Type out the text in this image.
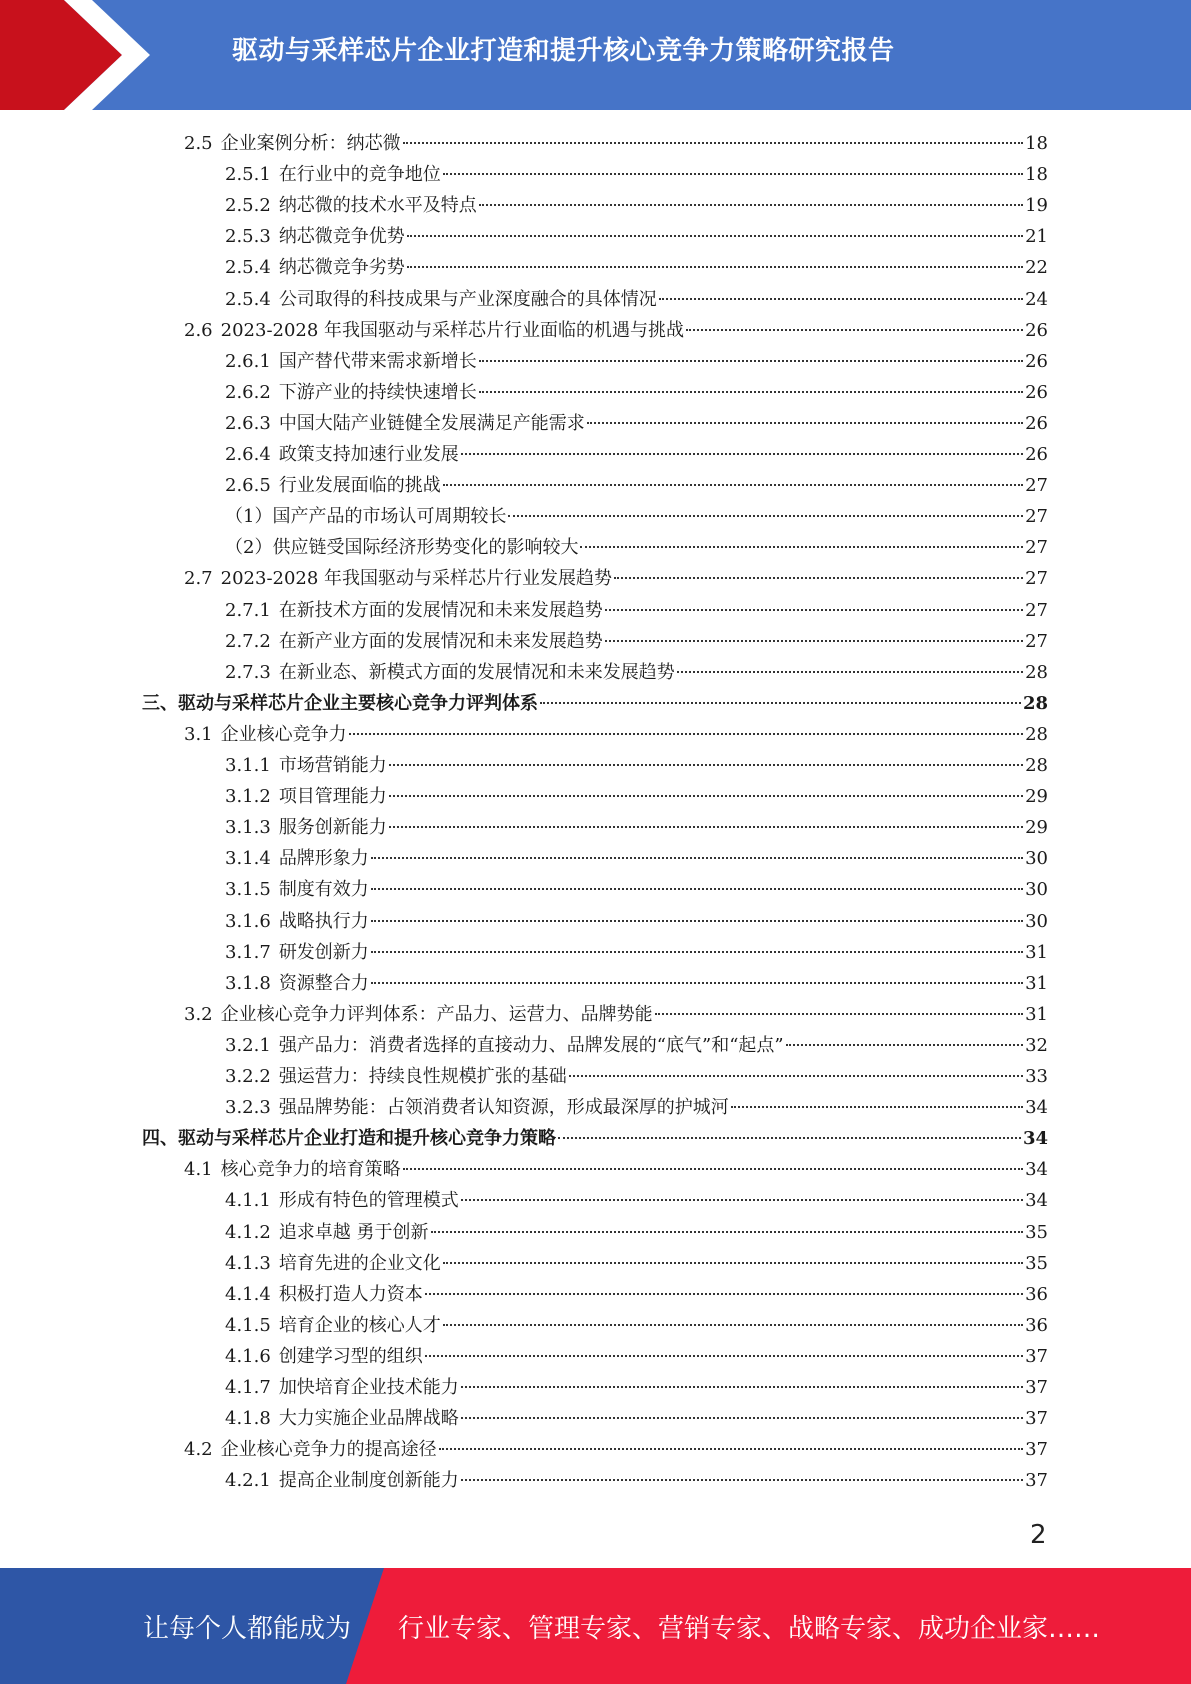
驱动与采样芯片企业打造和提升核心竞争力策略研究报告
2.5 企业案例分析：纳芯微	18
2.5.1 在行业中的竞争地位	18
2.5.2 纳芯微的技术水平及特点	19
2.5.3 纳芯微竞争优势	21
2.5.4 纳芯微竞争劣势	22
2.5.4 公司取得的科技成果与产业深度融合的具体情况	24
2.6 2023-2028 年我国驱动与采样芯片行业面临的机遇与挑战	26
2.6.1 国产替代带来需求新增长	26
2.6.2 下游产业的持续快速增长	26
2.6.3 中国大陆产业链健全发展满足产能需求	26
2.6.4 政策支持加速行业发展	26
2.6.5 行业发展面临的挑战	27
（1）国产产品的市场认可周期较长	27
（2）供应链受国际经济形势变化的影响较大	27
2.7 2023-2028 年我国驱动与采样芯片行业发展趋势	27
2.7.1 在新技术方面的发展情况和未来发展趋势	27
2.7.2 在新产业方面的发展情况和未来发展趋势	27
2.7.3 在新业态、新模式方面的发展情况和未来发展趋势	28
三、驱动与采样芯片企业主要核心竞争力评判体系	28
3.1 企业核心竞争力	28
3.1.1 市场营销能力	28
3.1.2 项目管理能力	29
3.1.3 服务创新能力	29
3.1.4 品牌形象力	30
3.1.5 制度有效力	30
3.1.6 战略执行力	30
3.1.7 研发创新力	31
3.1.8 资源整合力	31
3.2 企业核心竞争力评判体系：产品力、运营力、品牌势能	31
3.2.1 强产品力：消费者选择的直接动力、品牌发展的“底气”和“起点”	32
3.2.2 强运营力：持续良性规模扩张的基础	33
3.2.3 强品牌势能：占领消费者认知资源，形成最深厚的护城河	34
四、驱动与采样芯片企业打造和提升核心竞争力策略	34
4.1 核心竞争力的培育策略	34
4.1.1 形成有特色的管理模式	34
4.1.2 追求卓越 勇于创新	35
4.1.3 培育先进的企业文化	35
4.1.4 积极打造人力资本	36
4.1.5 培育企业的核心人才	36
4.1.6 创建学习型的组织	37
4.1.7 加快培育企业技术能力	37
4.1.8 大力实施企业品牌战略	37
4.2 企业核心竞争力的提高途径	37
4.2.1 提高企业制度创新能力	37
2
让每个人都能成为 行业专家、管理专家、营销专家、战略专家、成功企业家……
